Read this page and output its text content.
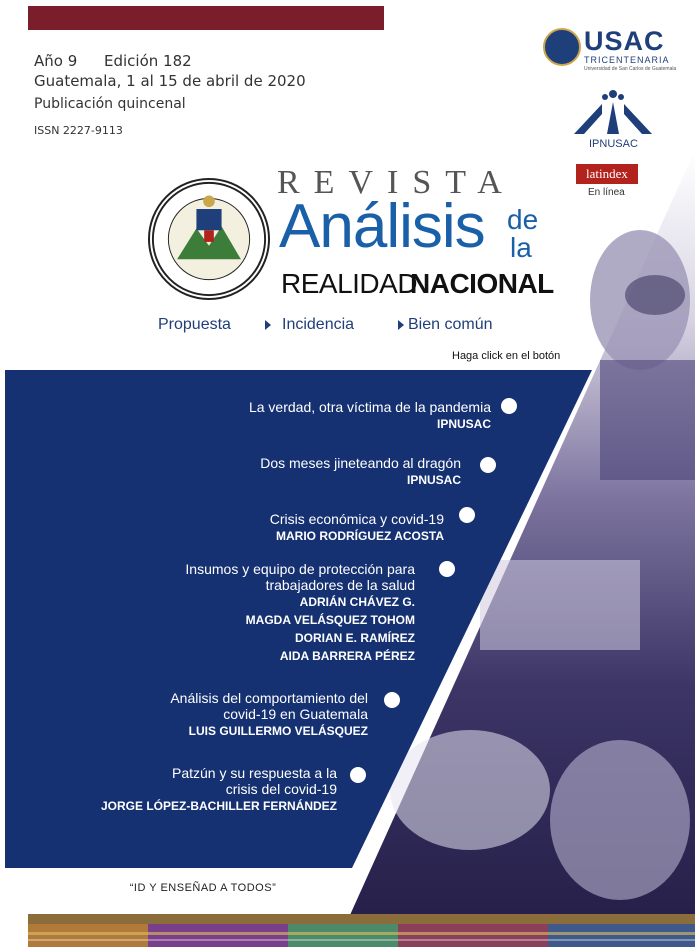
Año 9 Edición 182
Guatemala, 1 al 15 de abril de 2020
Publicación quincenal
ISSN 2227-9113
USAC
TRICENTENARIA
Universidad de San Carlos de Guatemala
IPNUSAC
latindex
En línea
REVISTA
Análisis de
la
REALIDAD
NACIONAL
Propuesta	Incidencia	Bien común
Haga click en el botón
La verdad, otra víctima de la pandemia
IPNUSAC
Dos meses jineteando al dragón
IPNUSAC
Crisis económica y covid-19
MARIO RODRÍGUEZ ACOSTA
Insumos y equipo de protección para
trabajadores de la salud
ADRIÁN CHÁVEZ G.
MAGDA VELÁSQUEZ TOHOM
DORIAN E. RAMÍREZ
AIDA BARRERA PÉREZ
Análisis del comportamiento del
covid-19 en Guatemala
LUIS GUILLERMO VELÁSQUEZ
Patzún y su respuesta a la
crisis del covid-19
JORGE LÓPEZ-BACHILLER FERNÁNDEZ
“ID Y ENSEÑAD A TODOS”
